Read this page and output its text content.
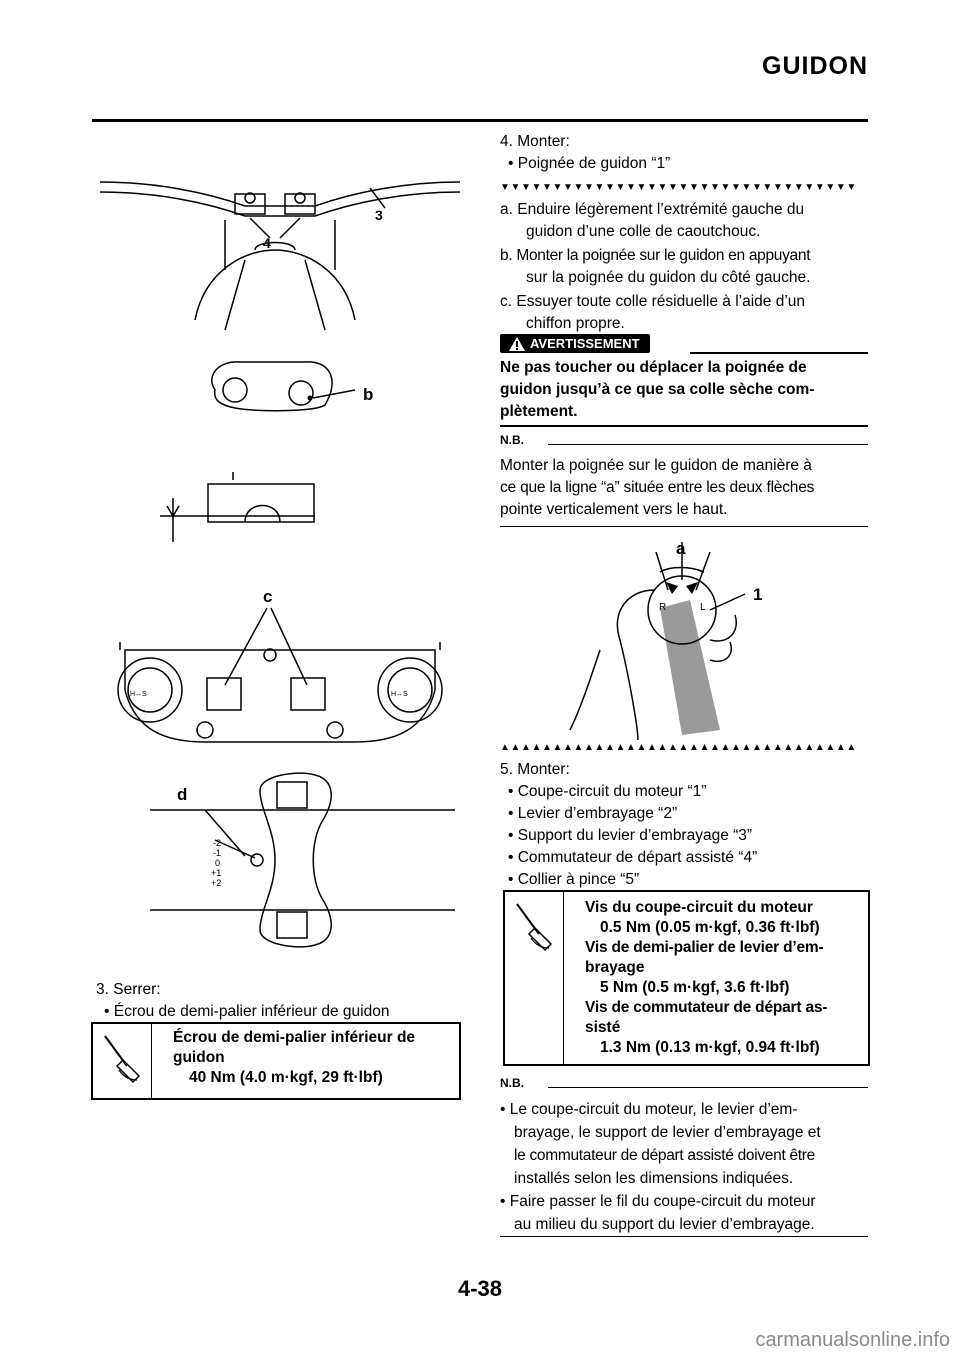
GUIDON
4
3
b
H↔S	H↔S
c
-2
-1
0
+1
+2
d
3. Serrer:
• Écrou de demi-palier inférieur de guidon
Écrou de demi-palier inférieur de
guidon
40 Nm (4.0 m·kgf, 29 ft·lbf)
4. Monter:
• Poignée de guidon “1”
▼▼▼▼▼▼▼▼▼▼▼▼▼▼▼▼▼▼▼▼▼▼▼▼▼▼▼▼▼▼▼▼▼▼
a. Enduire légèrement l’extrémité gauche du
guidon d’une colle de caoutchouc.
b. Monter la poignée sur le guidon en appuyant
sur la poignée du guidon du côté gauche.
c. Essuyer toute colle résiduelle à l’aide d’un
chiffon propre.
AVERTISSEMENT
Ne pas toucher ou déplacer la poignée de
guidon jusqu’à ce que sa colle sèche com-
plètement.
N.B.
Monter la poignée sur le guidon de manière à
ce que la ligne “a” située entre les deux flèches
pointe verticalement vers le haut.
a
1
R	L
▲▲▲▲▲▲▲▲▲▲▲▲▲▲▲▲▲▲▲▲▲▲▲▲▲▲▲▲▲▲▲▲▲▲
5. Monter:
• Coupe-circuit du moteur “1”
• Levier d’embrayage “2”
• Support du levier d’embrayage “3”
• Commutateur de départ assisté “4”
• Collier à pince “5”
Vis du coupe-circuit du moteur
0.5 Nm (0.05 m·kgf, 0.36 ft·lbf)
Vis de demi-palier de levier d’em-
brayage
5 Nm (0.5 m·kgf, 3.6 ft·lbf)
Vis de commutateur de départ as-
sisté
1.3 Nm (0.13 m·kgf, 0.94 ft·lbf)
N.B.
• Le coupe-circuit du moteur, le levier d’em-
brayage, le support de levier d’embrayage et
le commutateur de départ assisté doivent être
installés selon les dimensions indiquées.
• Faire passer le fil du coupe-circuit du moteur
au milieu du support du levier d’embrayage.
4-38
carmanualsonline.info
